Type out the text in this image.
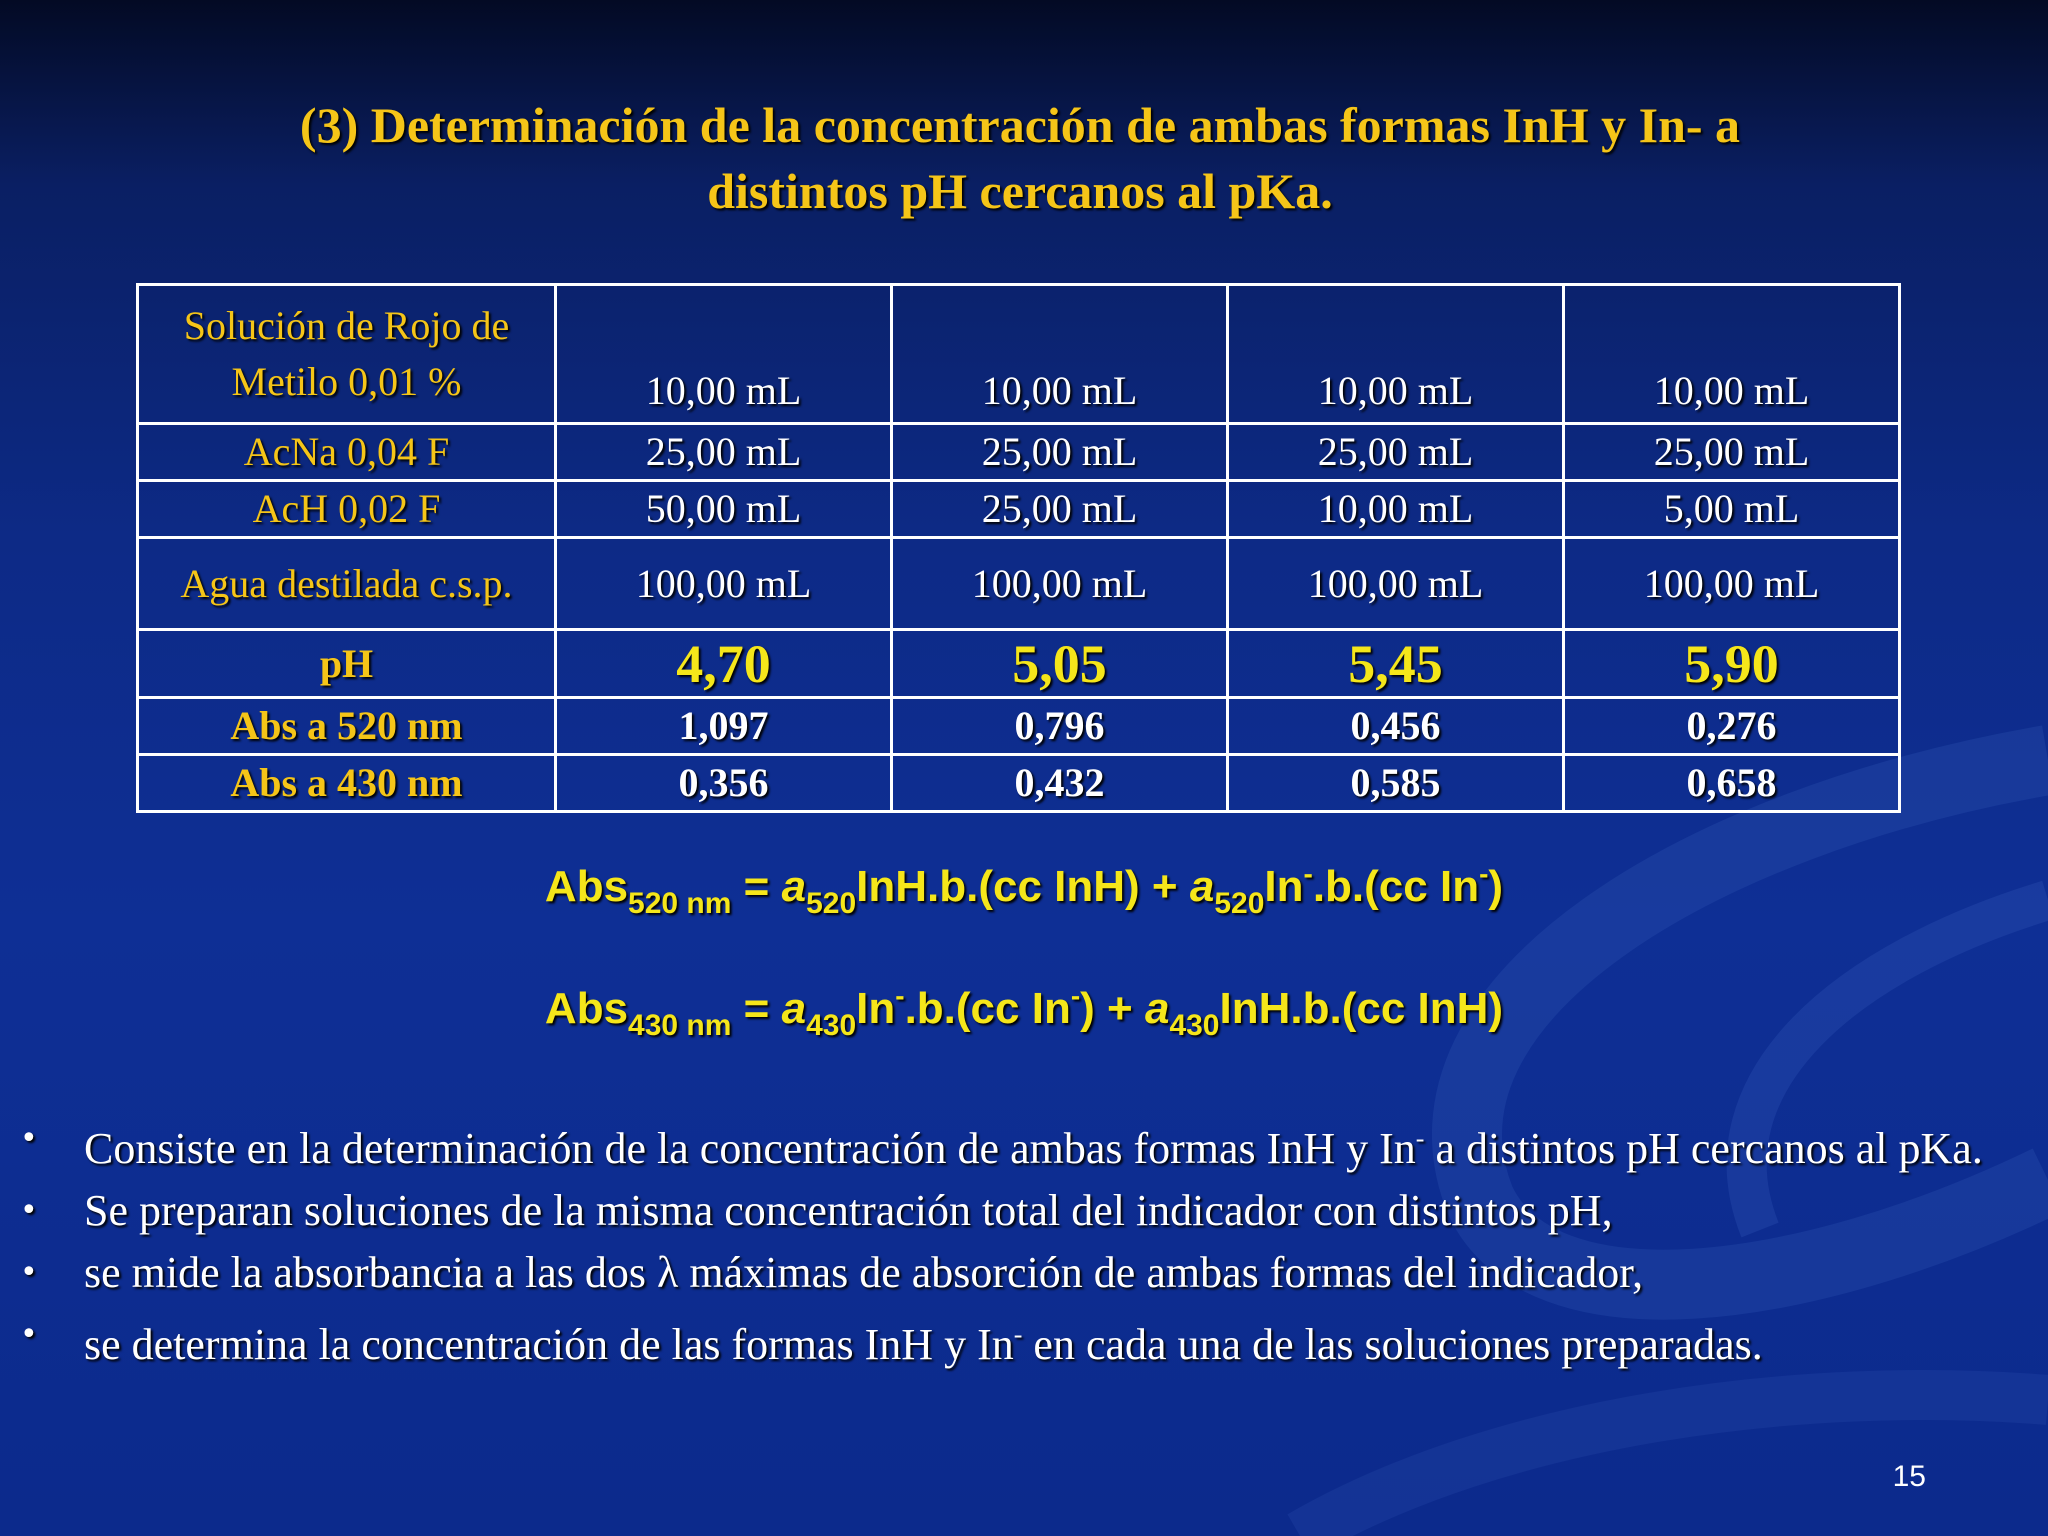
(3) Determinación de la concentración de ambas formas InH y In- a
distintos pH cercanos al pKa.
Solución de Rojo de
Metilo 0,01 %	10,00 mL	10,00 mL	10,00 mL	10,00 mL
AcNa 0,04 F	25,00 mL	25,00 mL	25,00 mL	25,00 mL
AcH 0,02 F	50,00 mL	25,00 mL	10,00 mL	5,00 mL
Agua destilada c.s.p.	100,00 mL	100,00 mL	100,00 mL	100,00 mL
pH	4,70	5,05	5,45	5,90
Abs a 520 nm	1,097	0,796	0,456	0,276
Abs a 430 nm	0,356	0,432	0,585	0,658
$Abs_{520 nm} = a_{520}InH.b.(cc$ $InH) + a_{520}In^-.b.(cc$ In-)
$Abs_{430 nm} = a_{430}In^-.b.(cc$ $In^-) + a_{430}InH.b.(cc$ InH)
• Consiste en la determinación de la concentración de ambas formas InH y In- a distintos pH cercanos al pKa.
• Se preparan soluciones de la misma concentración total del indicador con distintos pH,
• se mide la absorbancia a las dos λ máximas de absorción de ambas formas del indicador,
• se determina la concentración de las formas InH y In- en cada una de las soluciones preparadas.
15
